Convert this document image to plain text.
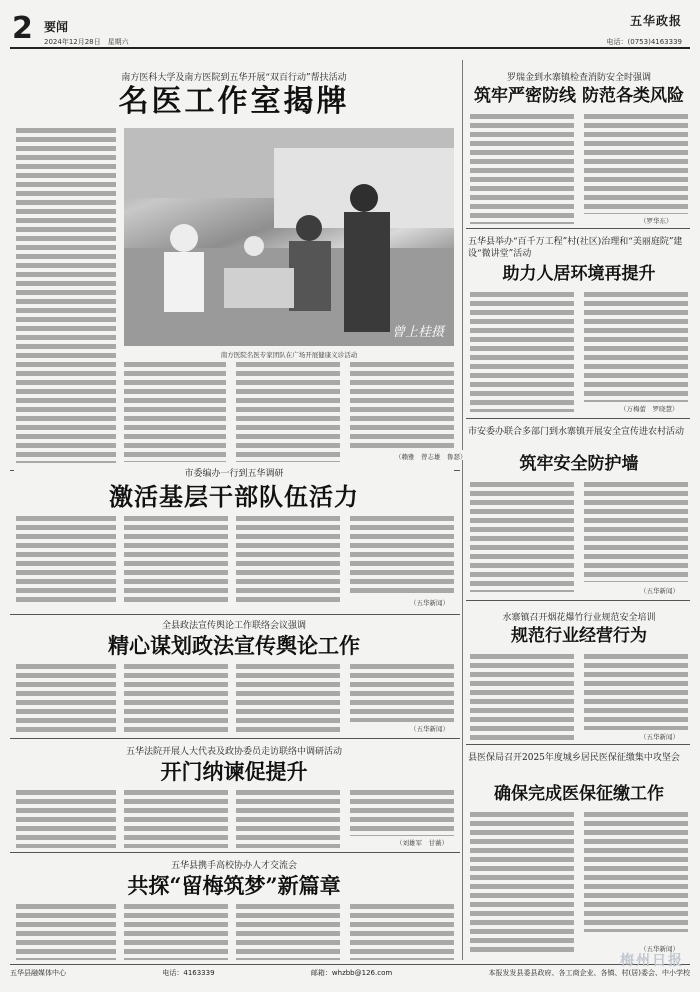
2 要闻
2024年12月28日　星期六
五华政报
电话：(0753)4163339
南方医科大学及南方医院到五华开展“双百行动”帮扶活动
名医工作室揭牌
曾上桂摄
南方医院名医专家团队在广场开展健康义诊活动
（赖雅　曾志雄　鲁瑟）
罗瑞金到水寨镇检查消防安全时强调
筑牢严密防线 防范各类风险
（罗华东）
五华县举办“百千万工程”村(社区)治理和“美丽庭院”建设“微讲堂”活动
助力人居环境再提升
（万梅蕾　罗晓慧）
市委编办一行到五华调研
激活基层干部队伍活力
（五华新闻）
市安委办联合多部门到水寨镇开展安全宣传进农村活动
筑牢安全防护墙
（五华新闻）
全县政法宣传舆论工作联络会议强调
精心谋划政法宣传舆论工作
（五华新闻）
水寨镇召开烟花爆竹行业规范安全培训
规范行业经营行为
（五华新闻）
五华法院开展人大代表及政协委员走访联络中调研活动
开门纳谏促提升
（刘雄军　甘薇）
县医保局召开2025年度城乡居民医保征缴集中攻坚会
确保完成医保征缴工作
（五华新闻）
五华县携手高校协办人才交流会
共探“留梅筑梦”新篇章
五华县融媒体中心	电话：4163339	邮箱：whzbb@126.com	本报发发县委县政府、各工商企业、各镇、村(居)委会、中小学校
梅州日报
